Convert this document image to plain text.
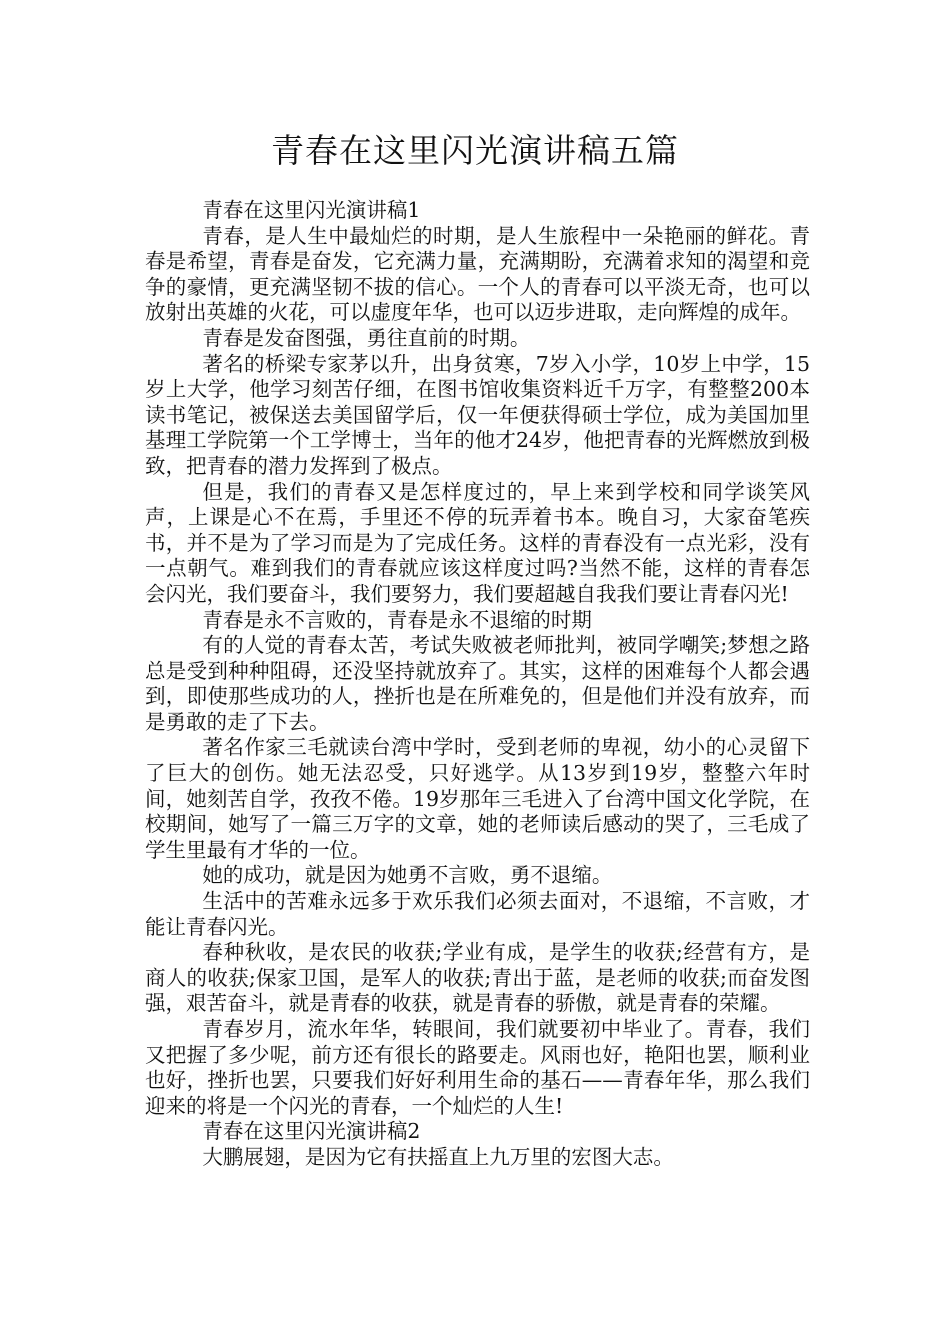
青春在这里闪光演讲稿五篇

青春在这里闪光演讲稿1

青春，是人生中最灿烂的时期，是人生旅程中一朵艳丽的鲜花。青春是希望，青春是奋发，它充满力量，充满期盼，充满着求知的渴望和竞争的豪情，更充满坚韧不拔的信心。一个人的青春可以平淡无奇，也可以放射出英雄的火花，可以虚度年华，也可以迈步进取，走向辉煌的成年。

青春是发奋图强，勇往直前的时期。

著名的桥梁专家茅以升，出身贫寒，7岁入小学，10岁上中学，15岁上大学，他学习刻苦仔细，在图书馆收集资料近千万字，有整整200本读书笔记，被保送去美国留学后，仅一年便获得硕士学位，成为美国加里基理工学院第一个工学博士，当年的他才24岁，他把青春的光辉燃放到极致，把青春的潜力发挥到了极点。

但是，我们的青春又是怎样度过的，早上来到学校和同学谈笑风声，上课是心不在焉，手里还不停的玩弄着书本。晚自习，大家奋笔疾书，并不是为了学习而是为了完成任务。这样的青春没有一点光彩，没有一点朝气。难到我们的青春就应该这样度过吗?当然不能，这样的青春怎会闪光，我们要奋斗，我们要努力，我们要超越自我我们要让青春闪光!

青春是永不言败的，青春是永不退缩的时期

有的人觉的青春太苦，考试失败被老师批判，被同学嘲笑;梦想之路总是受到种种阻碍，还没坚持就放弃了。其实，这样的困难每个人都会遇到，即使那些成功的人，挫折也是在所难免的，但是他们并没有放弃，而是勇敢的走了下去。

著名作家三毛就读台湾中学时，受到老师的卑视，幼小的心灵留下了巨大的创伤。她无法忍受，只好逃学。从13岁到19岁，整整六年时间，她刻苦自学，孜孜不倦。19岁那年三毛进入了台湾中国文化学院，在校期间，她写了一篇三万字的文章，她的老师读后感动的哭了，三毛成了学生里最有才华的一位。

她的成功，就是因为她勇不言败，勇不退缩。

生活中的苦难永远多于欢乐我们必须去面对，不退缩，不言败，才能让青春闪光。

春种秋收，是农民的收获;学业有成，是学生的收获;经营有方，是商人的收获;保家卫国，是军人的收获;青出于蓝，是老师的收获;而奋发图强，艰苦奋斗，就是青春的收获，就是青春的骄傲，就是青春的荣耀。

青春岁月，流水年华，转眼间，我们就要初中毕业了。青春，我们又把握了多少呢，前方还有很长的路要走。风雨也好，艳阳也罢，顺利业也好，挫折也罢，只要我们好好利用生命的基石——青春年华，那么我们迎来的将是一个闪光的青春，一个灿烂的人生!

青春在这里闪光演讲稿2

大鹏展翅，是因为它有扶摇直上九万里的宏图大志。
